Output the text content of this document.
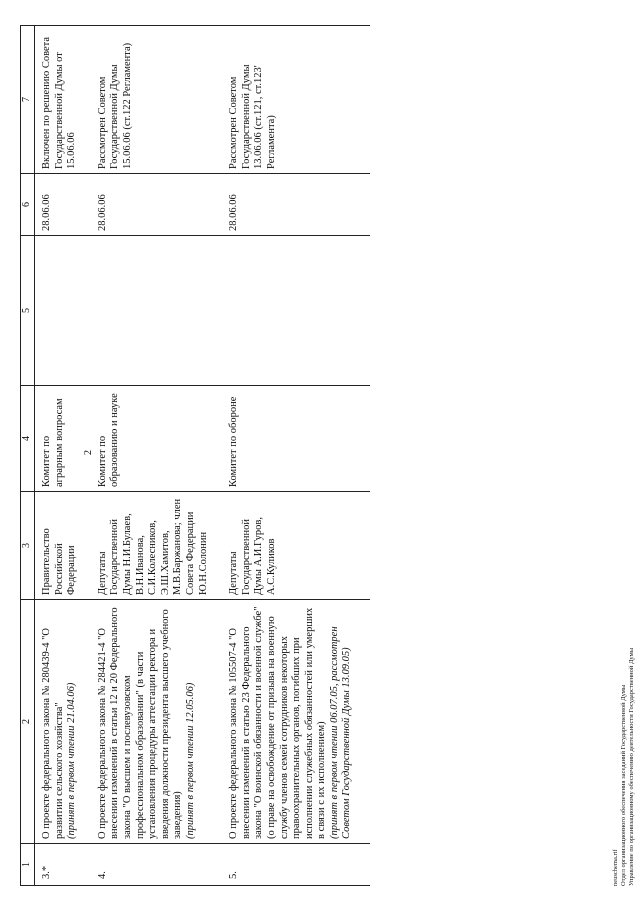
2
1	2	3	4	5	6	7
3.*	О проекте федерального закона № 280439-4 "О развитии сельского хозяйства" (принят в первом чтении 21.04.06)	Правительство Российской Федерации	Комитет по аграрным вопросам		28.06.06	Включен по решению Совета Государственной Думы от 15.06.06
4.	О проекте федерального закона № 284421-4 "О внесении изменений в статьи 12 и 20 Федерального закона "О высшем и послевузовском профессиональном образовании" (в части установления процедуры аттестации ректора и введения должности президента высшего учебного заведения) (принят в первом чтении 12.05.06)	Депутаты Государственной Думы Н.И.Булаев, В.Н.Иванова, С.И.Колесников, Э.Ш.Хамитов, М.В.Баржанова; член Совета Федерации Ю.Н.Солонин	Комитет по образованию и науке		28.06.06	Рассмотрен Советом Государственной Думы 15.06.06 (ст.122 Регламента)
5.	О проекте федерального закона № 105507-4 "О внесении изменений в статью 23 Федерального закона "О воинской обязанности и военной службе" (о праве на освобождение от призыва на военную службу членов семей сотрудников некоторых правоохранительных органов, погибших при исполнении служебных обязанностей или умерших в связи с их исполнением) (принят в первом чтении 06.07.05, рассмотрен Советом Государственной Думы 13.09.05)	Депутаты Государственной Думы А.И.Гуров, А.С.Куликов	Комитет по обороне		28.06.06	Рассмотрен Советом Государственной Думы 13.06.06 (ст.121, ст.123' Регламента)
neuschema.rtf Отдел организационного обеспечения заседаний Государственной Думы Управление по организационному обеспечению деятельности Государственной Думы
